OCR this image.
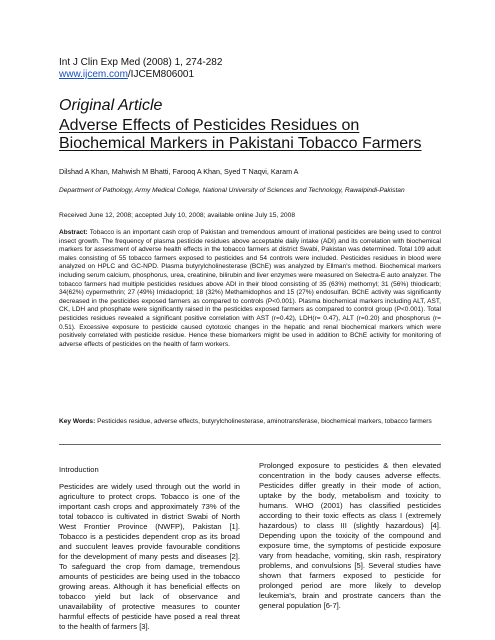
Int J Clin Exp Med (2008) 1, 274-282
www.ijcem.com/IJCEM806001
Original Article
Adverse Effects of Pesticides Residues on Biochemical Markers in Pakistani Tobacco Farmers
Dilshad A Khan, Mahwish M Bhatti, Farooq A Khan, Syed T Naqvi, Karam A
Department of Pathology, Army Medical College, National University of Sciences and Technology, Rawalpindi-Pakistan
Received June 12, 2008; accepted July 10, 2008; available online July 15, 2008
Abstract: Tobacco is an important cash crop of Pakistan and tremendous amount of irrational pesticides are being used to control insect growth. The frequency of plasma pesticide residues above acceptable daily intake (ADI) and its correlation with biochemical markers for assessment of adverse health effects in the tobacco farmers at district Swabi, Pakistan was determined. Total 109 adult males consisting of 55 tobacco farmers exposed to pesticides and 54 controls were included. Pesticides residues in blood were analyzed on HPLC and GC-NPD. Plasma butyrylcholinesterase (BChE) was analyzed by Ellman's method. Biochemical markers including serum calcium, phosphorus, urea, creatinine, bilirubin and liver enzymes were measured on Selectra-E auto analyzer. The tobacco farmers had multiple pesticides residues above ADI in their blood consisting of 35 (63%) methomyl; 31 (56%) thiodicarb; 34(62%) cypermethrin; 27 (49%) Imidacloprid; 18 (32%) Methamidophos and 15 (27%) endosulfan. BChE activity was significantly decreased in the pesticides exposed farmers as compared to controls (P<0.001). Plasma biochemical markers including ALT, AST, CK, LDH and phosphate were significantly raised in the pesticides exposed farmers as compared to control group (P<0.001). Total pesticides residues revealed a significant positive correlation with AST (r=0.42), LDH(r= 0.47), ALT (r=0.20) and phosphorus (r= 0.51). Excessive exposure to pesticide caused cytotoxic changes in the hepatic and renal biochemical markers which were positively correlated with pesticide residue. Hence these biomarkers might be used in addition to BChE activity for monitoring of adverse effects of pesticides on the health of farm workers.
Key Words: Pesticides residue, adverse effects, butyrylcholinesterase, aminotransferase, biochemical markers, tobacco farmers

Introduction

Pesticides are widely used through out the world in agriculture to protect crops. Tobacco is one of the important cash crops and approximately 73% of the total tobacco is cultivated in district Swabi of North West Frontier Province (NWFP), Pakistan [1]. Tobacco is a pesticides dependent crop as its broad and succulent leaves provide favourable conditions for the development of many pests and diseases [2]. To safeguard the crop from damage, tremendous amounts of pesticides are being used in the tobacco growing areas. Although it has beneficial effects on tobacco yield but lack of observance and unavailability of protective measures to counter harmful effects of pesticide have posed a real threat to the health of farmers [3].

Prolonged exposure to pesticides & then elevated concentration in the body causes adverse effects. Pesticides differ greatly in their mode of action, uptake by the body, metabolism and toxicity to humans. WHO (2001) has classified pesticides according to their toxic effects as class I (extremely hazardous) to class III (slightly hazardous) [4]. Depending upon the toxicity of the compound and exposure time, the symptoms of pesticide exposure vary from headache, vomiting, skin rash, respiratory problems, and convulsions [5]. Several studies have shown that farmers exposed to pesticide for prolonged period are more likely to develop leukemia's, brain and prostrate cancers than the general population [6-7].
